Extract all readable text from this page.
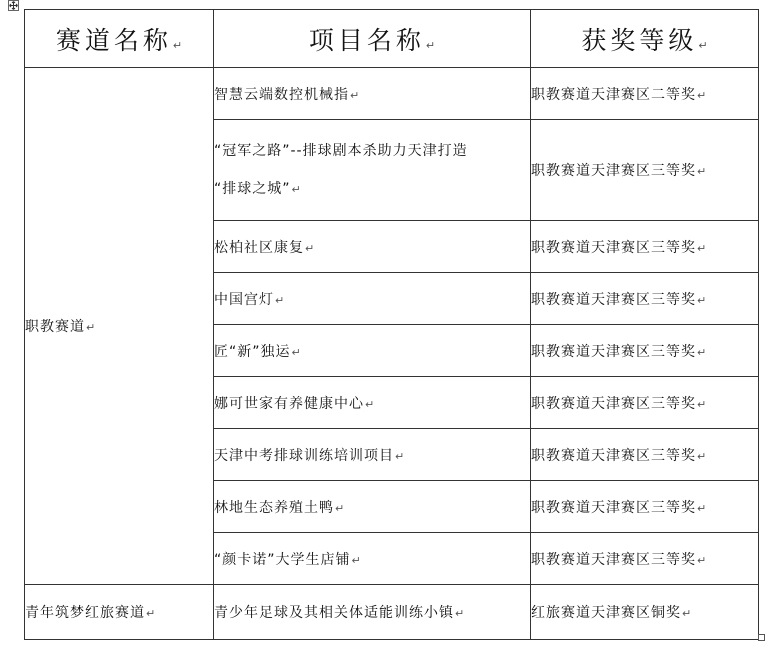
赛道名称↵	项目名称↵	获奖等级↵
职教赛道↵	智慧云端数控机械指↵	职教赛道天津赛区二等奖↵

	“冠军之路”--排球剧本杀助力天津打造
“排球之城”↵	职教赛道天津赛区三等奖↵
	松柏社区康复↵	职教赛道天津赛区三等奖↵
	中国宫灯↵	职教赛道天津赛区三等奖↵
	匠“新”独运↵	职教赛道天津赛区三等奖↵
	娜可世家有养健康中心↵	职教赛道天津赛区三等奖↵
	天津中考排球训练培训项目↵	职教赛道天津赛区三等奖↵
	林地生态养殖土鸭↵	职教赛道天津赛区三等奖↵
	“颜卡诺”大学生店铺↵	职教赛道天津赛区三等奖↵
青年筑梦红旅赛道↵	青少年足球及其相关体适能训练小镇↵	红旅赛道天津赛区铜奖↵
